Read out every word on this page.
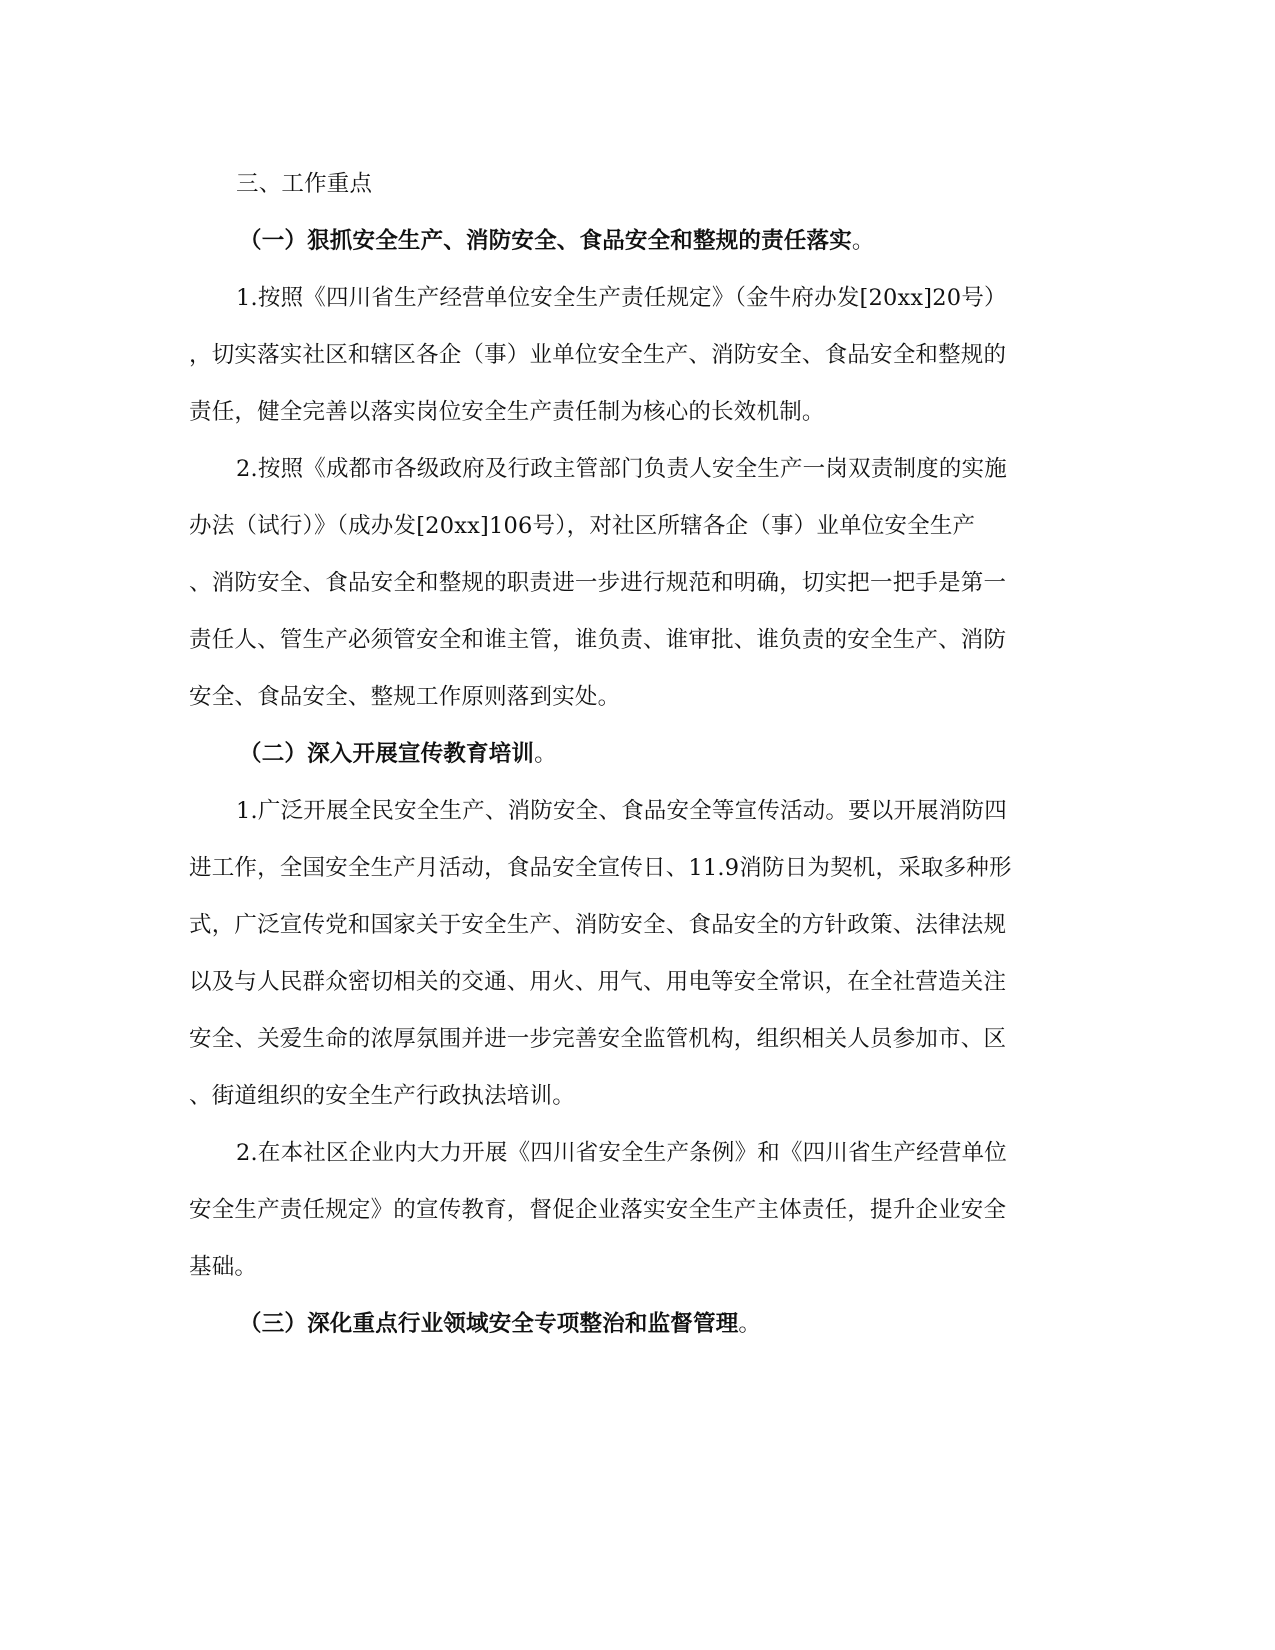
三、工作重点
（一）狠抓安全生产、消防安全、食品安全和整规的责任落实。
1.按照《四川省生产经营单位安全生产责任规定》（金牛府办发[20xx]20号）
，切实落实社区和辖区各企（事）业单位安全生产、消防安全、食品安全和整规的
责任，健全完善以落实岗位安全生产责任制为核心的长效机制。
2.按照《成都市各级政府及行政主管部门负责人安全生产一岗双责制度的实施
办法（试行）》（成办发[20xx]106号），对社区所辖各企（事）业单位安全生产
、消防安全、食品安全和整规的职责进一步进行规范和明确，切实把一把手是第一
责任人、管生产必须管安全和谁主管，谁负责、谁审批、谁负责的安全生产、消防
安全、食品安全、整规工作原则落到实处。
（二）深入开展宣传教育培训。
1.广泛开展全民安全生产、消防安全、食品安全等宣传活动。要以开展消防四
进工作，全国安全生产月活动，食品安全宣传日、11.9消防日为契机，采取多种形
式，广泛宣传党和国家关于安全生产、消防安全、食品安全的方针政策、法律法规
以及与人民群众密切相关的交通、用火、用气、用电等安全常识，在全社营造关注
安全、关爱生命的浓厚氛围并进一步完善安全监管机构，组织相关人员参加市、区
、街道组织的安全生产行政执法培训。
2.在本社区企业内大力开展《四川省安全生产条例》和《四川省生产经营单位
安全生产责任规定》的宣传教育，督促企业落实安全生产主体责任，提升企业安全
基础。
（三）深化重点行业领域安全专项整治和监督管理。
